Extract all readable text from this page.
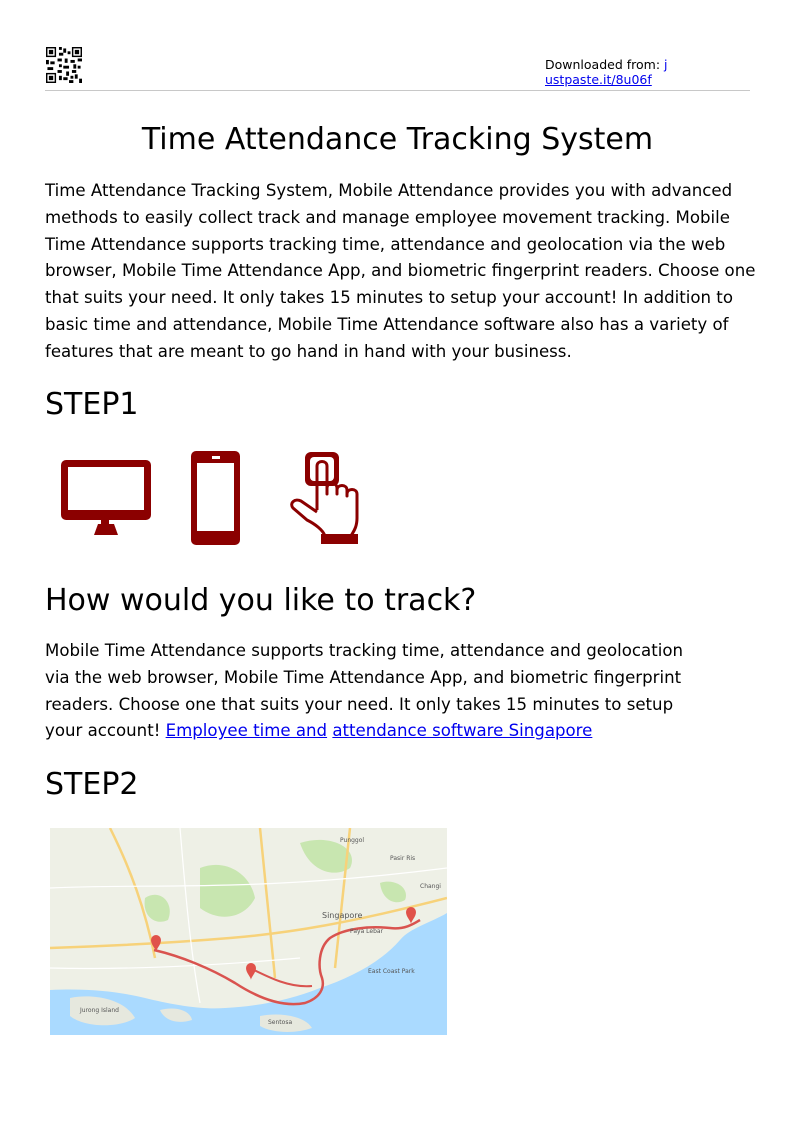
Downloaded from: j
ustpaste.it/8u06f
Time Attendance Tracking System

Time Attendance Tracking System, Mobile Attendance provides you with advanced methods to easily collect track and manage employee movement tracking. Mobile Time Attendance supports tracking time, attendance and geolocation via the web browser, Mobile Time Attendance App, and biometric fingerprint readers. Choose one that suits your need. It only takes 15 minutes to setup your account! In addition to basic time and attendance, Mobile Time Attendance software also has a variety of features that are meant to go hand in hand with your business.

STEP1
How would you like to track?

Mobile Time Attendance supports tracking time, attendance and geolocation via the web browser, Mobile Time Attendance App, and biometric fingerprint readers. Choose one that suits your need. It only takes 15 minutes to setup your account! Employee time and attendance software Singapore

STEP2
Singapore
Punggol
Sentosa
Jurong Island
Pasir Ris
Changi
East Coast Park
Paya Lebar
